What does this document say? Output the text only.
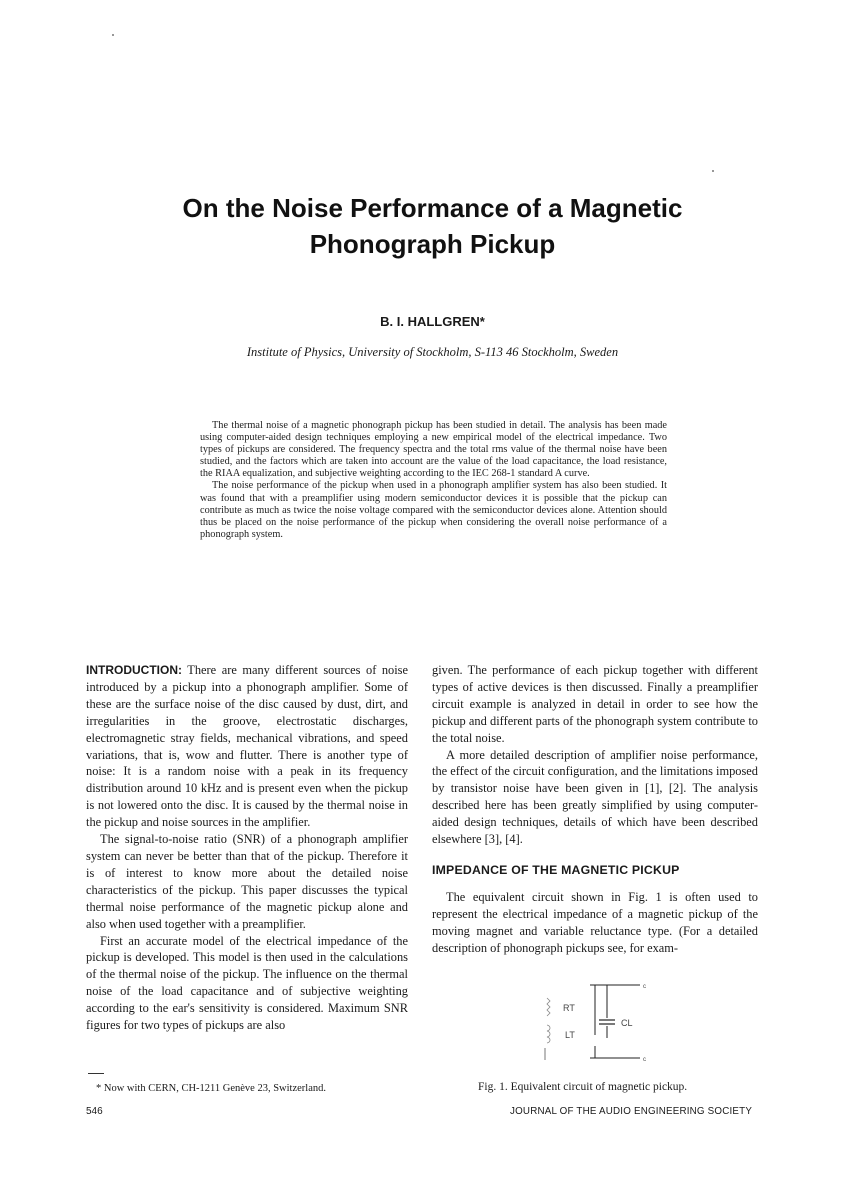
On the Noise Performance of a Magnetic
Phonograph Pickup
B. I. HALLGREN*
Institute of Physics, University of Stockholm, S-113 46 Stockholm, Sweden

The thermal noise of a magnetic phonograph pickup has been studied in detail. The analysis has been made using computer-aided design techniques employing a new empirical model of the electrical impedance. Two types of pickups are considered. The frequency spectra and the total rms value of the thermal noise have been studied, and the factors which are taken into account are the value of the load capacitance, the load resistance, the RIAA equalization, and subjective weighting according to the IEC 268-1 standard A curve.

The noise performance of the pickup when used in a phonograph amplifier system has also been studied. It was found that with a preamplifier using modern semiconductor devices it is possible that the pickup can contribute as much as twice the noise voltage compared with the semiconductor devices alone. Attention should thus be placed on the noise performance of the pickup when considering the overall noise performance of a phonograph system.

INTRODUCTION: There are many different sources of noise introduced by a pickup into a phonograph amplifier. Some of these are the surface noise of the disc caused by dust, dirt, and irregularities in the groove, electrostatic discharges, electromagnetic stray fields, mechanical vibrations, and speed variations, that is, wow and flutter. There is another type of noise: It is a random noise with a peak in its frequency distribution around 10 kHz and is present even when the pickup is not lowered onto the disc. It is caused by the thermal noise in the pickup and noise sources in the amplifier.

The signal-to-noise ratio (SNR) of a phonograph amplifier system can never be better than that of the pickup. Therefore it is of interest to know more about the detailed noise characteristics of the pickup. This paper discusses the typical thermal noise performance of the magnetic pickup alone and also when used together with a preamplifier.

First an accurate model of the electrical impedance of the pickup is developed. This model is then used in the calculations of the thermal noise of the pickup. The influence on the thermal noise of the load capacitance and of subjective weighting according to the ear's sensitivity is considered. Maximum SNR figures for two types of pickups are also

given. The performance of each pickup together with different types of active devices is then discussed. Finally a preamplifier circuit example is analyzed in detail in order to see how the pickup and different parts of the phonograph system contribute to the total noise.

A more detailed description of amplifier noise performance, the effect of the circuit configuration, and the limitations imposed by transistor noise have been given in [1], [2]. The analysis described here has been greatly simplified by using computer-aided design techniques, details of which have been described elsewhere [3], [4].

IMPEDANCE OF THE MAGNETIC PICKUP

The equivalent circuit shown in Fig. 1 is often used to represent the electrical impedance of a magnetic pickup of the moving magnet and variable reluctance type. (For a detailed description of phonograph pickups see, for exam-

RT
LT
CL
c
c
* Now with CERN, CH-1211 Genève 23, Switzerland.	Fig. 1. Equivalent circuit of magnetic pickup.
546	JOURNAL OF THE AUDIO ENGINEERING SOCIETY
